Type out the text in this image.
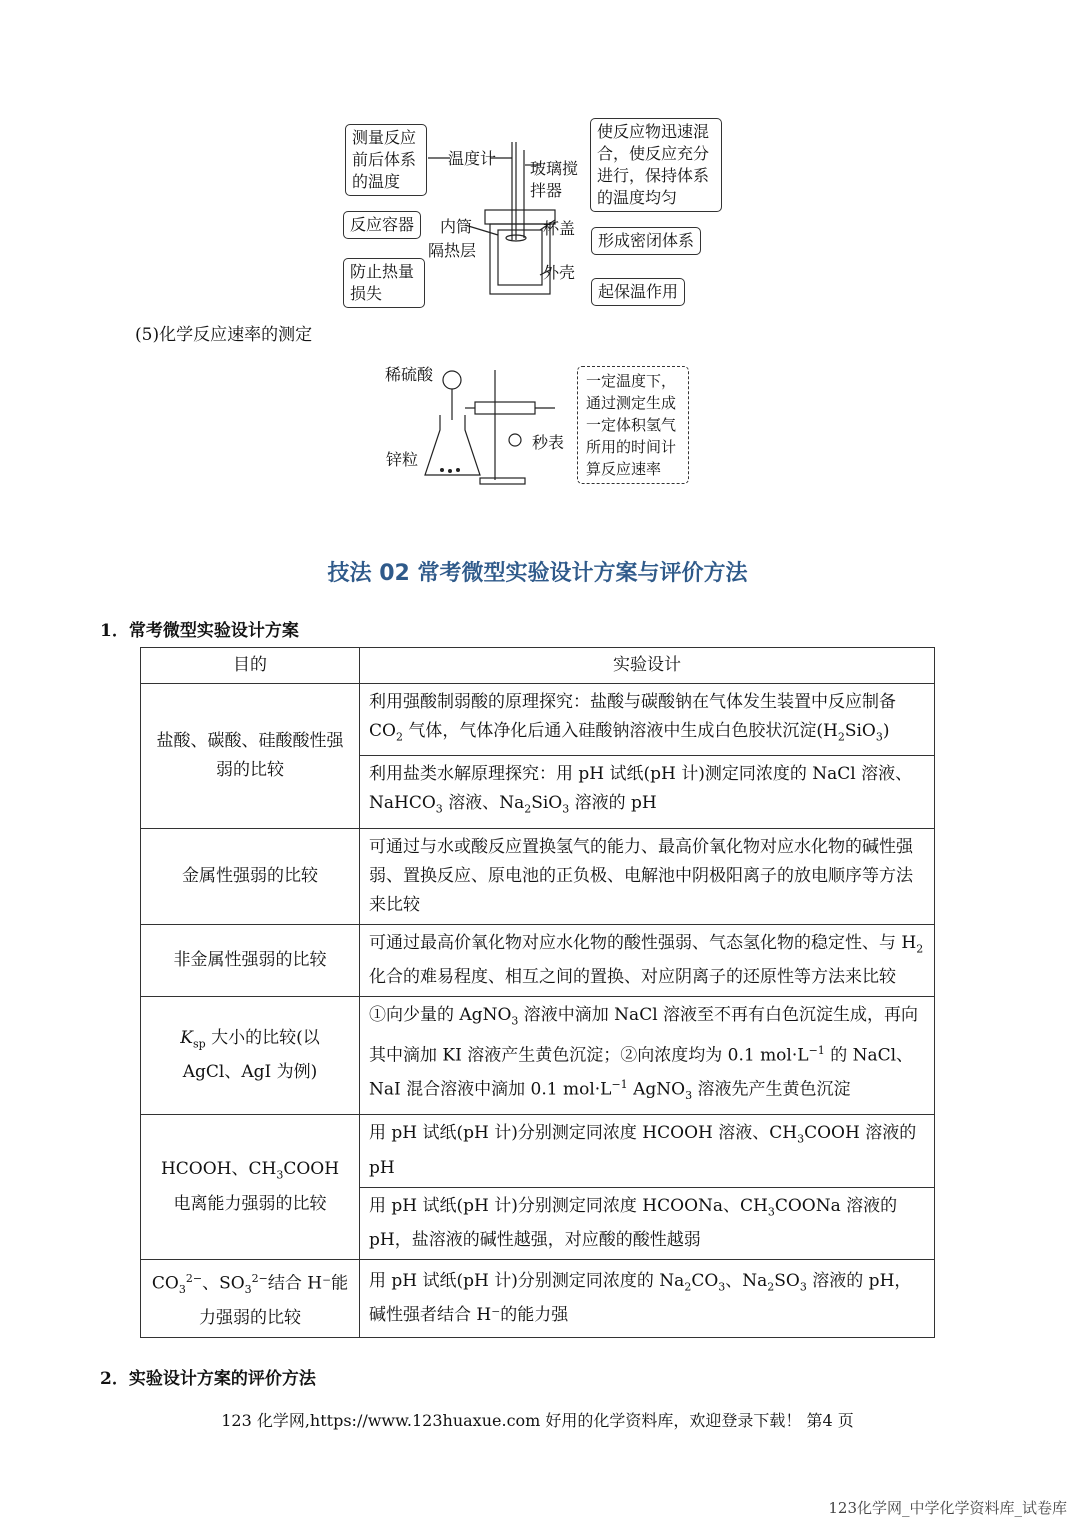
测量反应前后体系的温度
使反应物迅速混合，使反应充分进行，保持体系的温度均匀
反应容器
形成密闭体系
防止热量损失	起保温作用
温度计
玻璃搅拌器
内筒	杯盖
隔热层
外壳
(5)化学反应速率的测定
稀硫酸
锌粒
秒表
一定温度下，通过测定生成一定体积氢气所用的时间计算反应速率
技法 02 常考微型实验设计方案与评价方法
1．常考微型实验设计方案
目的	实验设计
盐酸、碳酸、硅酸酸性强弱的比较	利用强酸制弱酸的原理探究：盐酸与碳酸钠在气体发生装置中反应制备 $CO_2$ 气体，气体净化后通入硅酸钠溶液中生成白色胶状沉淀$(H_2SiO_3)$
	利用盐类水解原理探究：用 pH 试纸(pH 计)测定同浓度的 NaCl 溶液、 NaHCO$_3$ 溶液、$Na_2SiO_3$ 溶液的 pH
金属性强弱的比较	可通过与水或酸反应置换氢气的能力、最高价氧化物对应水化物的碱性强弱、置换反应、原电池的正负极、电解池中阴极阳离子的放电顺序等方法来比较
非金属性强弱的比较	可通过最高价氧化物对应水化物的酸性强弱、气态氢化物的稳定性、与 $H_2$ 化合的难易程度、相互之间的置换、对应阴离子的还原性等方法来比较
$K_{sp}$ 大小的比较(以 AgCl、AgI 为例)	①向少量的 AgNO$_3$ 溶液中滴加 NaCl 溶液至不再有白色沉淀生成，再向其中滴加 KI 溶液产生黄色沉淀；②向浓度均为 0.1 $mol\cdot L^{-1}$ 的 NaCl、NaI 混合溶液中滴加 0.1 $mol\cdot L^{-1}$ AgNO$_3$ 溶液先产生黄色沉淀
HCOOH、$CH_3COOH$ 电离能力强弱的比较	用 pH 试纸(pH 计)分别测定同浓度 HCOOH 溶液、$CH_3COOH$ 溶液的 pH
	用 pH 试纸(pH 计)分别测定同浓度 HCOONa、$CH_3COONa$ 溶液的 pH，盐溶液的碱性越强，对应酸的酸性越弱
$CO_3^{2-}$、$SO_3^{2-}$结合 H⁻能力强弱的比较	用 pH 试纸(pH 计)分别测定同浓度的 $Na_2CO_3$、$Na_2SO_3$ 溶液的 pH，碱性强者结合 H⁻的能力强
2．实验设计方案的评价方法
123 化学网,https://www.123huaxue.com 好用的化学资料库，欢迎登录下载！ 第4 页
123化学网_中学化学资料库_试卷库
